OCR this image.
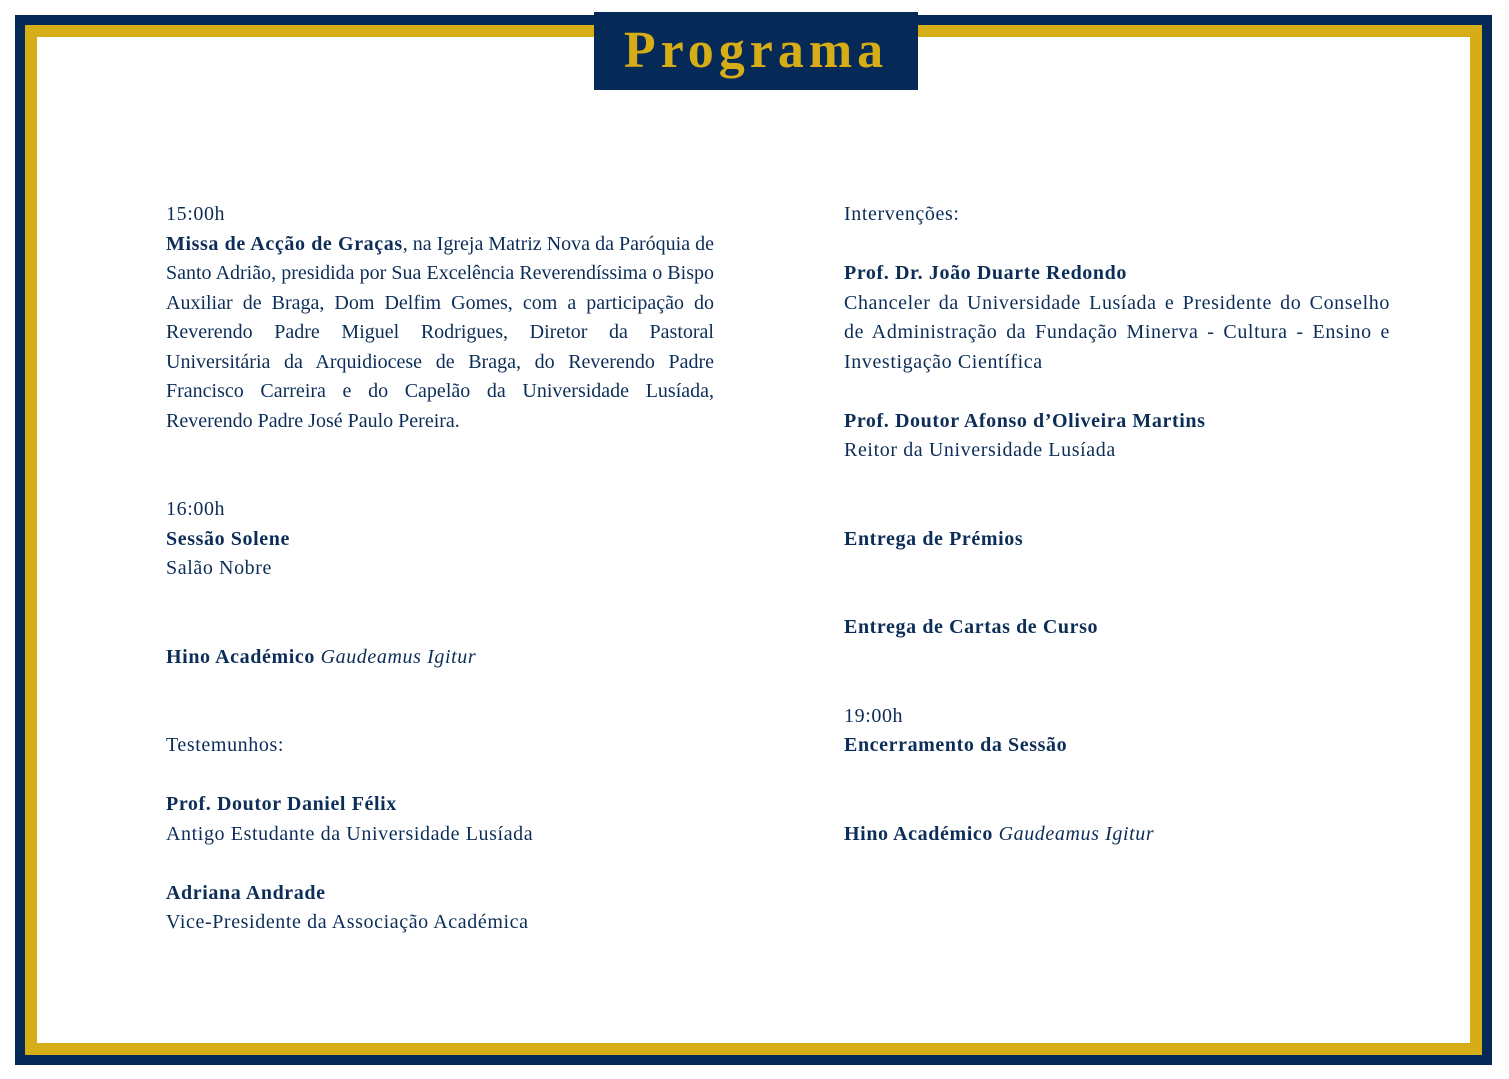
Programa
15:00h
Missa de Acção de Graças, na Igreja Matriz Nova da Paróquia de Santo Adrião, presidida por Sua Excelência Reverendíssima o Bispo Auxiliar de Braga, Dom Delfim Gomes, com a participação do Reverendo Padre Miguel Rodrigues, Diretor da Pastoral Universitária da Arquidiocese de Braga, do Reverendo Padre Francisco Carreira e do Capelão da Universidade Lusíada, Reverendo Padre José Paulo Pereira.
16:00h
Sessão Solene
Salão Nobre
Hino Académico Gaudeamus Igitur
Testemunhos:
Prof. Doutor Daniel Félix
Antigo Estudante da Universidade Lusíada
Adriana Andrade
Vice-Presidente da Associação Académica
Intervenções:
Prof. Dr. João Duarte Redondo
Chanceler da Universidade Lusíada e Presidente do Conselho de Administração da Fundação Minerva - Cultura - Ensino e Investigação Científica
Prof. Doutor Afonso d’Oliveira Martins
Reitor da Universidade Lusíada
Entrega de Prémios
Entrega de Cartas de Curso
19:00h
Encerramento da Sessão
Hino Académico Gaudeamus Igitur
